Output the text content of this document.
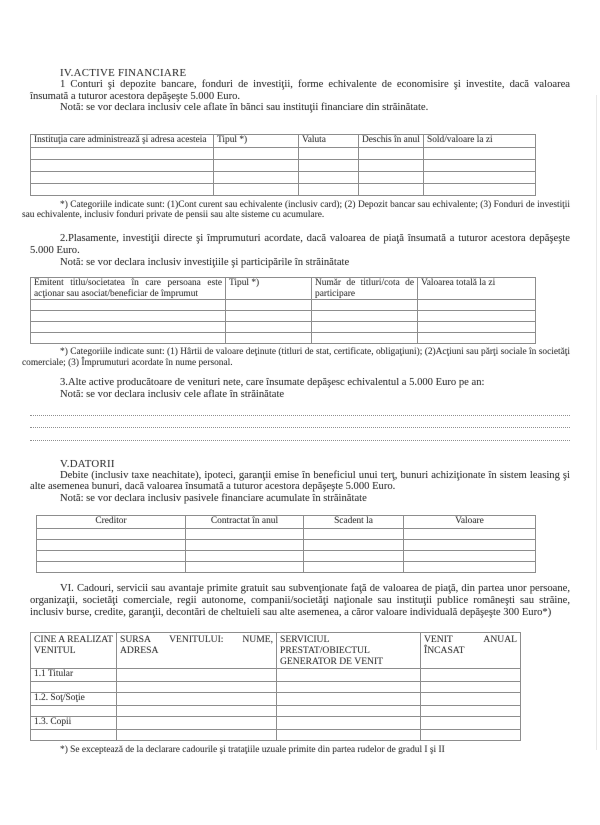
IV.ACTIVE FINANCIARE

1 Conturi şi depozite bancare, fonduri de investiţii, forme echivalente de economisire şi investite, dacă valoarea însumată a tuturor acestora depăşeşte 5.000 Euro.

Notă: se vor declara inclusiv cele aflate în bănci sau instituţii financiare din străinătate.

Instituţia care administrează şi adresa acesteia	Tipul *)	Valuta	Deschis în anul	Sold/valoare la zi

*) Categoriile indicate sunt: (1)Cont curent sau echivalente (inclusiv card); (2) Depozit bancar sau echivalente; (3) Fonduri de investiţii sau echivalente, inclusiv fonduri private de pensii sau alte sisteme cu acumulare.

2.Plasamente, investiţii directe şi împrumuturi acordate, dacă valoarea de piaţă însumată a tuturor acestora depăşeşte 5.000 Euro.

Notă: se vor declara inclusiv investiţiile şi participările în străinătate

Emitent titlu/societatea în care persoana este acţionar sau asociat/beneficiar de împrumut	Tipul *)	Număr de titluri/cota de participare	Valoarea totală la zi

*) Categoriile indicate sunt: (1) Hârtii de valoare deţinute (titluri de stat, certificate, obligaţiuni); (2)Acţiuni sau părţi sociale în societăţi comerciale; (3) Împrumuturi acordate în nume personal.

3.Alte active producătoare de venituri nete, care însumate depăşesc echivalentul a 5.000 Euro pe an:

Notă: se vor declara inclusiv cele aflate în străinătate

V.DATORII

Debite (inclusiv taxe neachitate), ipoteci, garanţii emise în beneficiul unui terţ, bunuri achiziţionate în sistem leasing şi alte asemenea bunuri, dacă valoarea însumată a tuturor acestora depăşeşte 5.000 Euro.

Notă: se vor declara inclusiv pasivele financiare acumulate în străinătate

Creditor	Contractat în anul	Scadent la	Valoare

VI. Cadouri, servicii sau avantaje primite gratuit sau subvenţionate faţă de valoarea de piaţă, din partea unor persoane, organizaţii, societăţi comerciale, regii autonome, companii/societăţi naţionale sau instituţii publice româneşti sau străine, inclusiv burse, credite, garanţii, decontări de cheltuieli sau alte asemenea, a căror valoare individuală depăşeşte 300 Euro*)

CINE A REALIZAT VENITUL	SURSA VENITULUI: NUME, ADRESA	SERVICIUL PRESTAT/OBIECTUL GENERATOR DE VENIT	VENIT ANUAL ÎNCASAT
1.1 Titular			

1.2. Soţ/Soţie			

1.3. Copii			

*) Se exceptează de la declarare cadourile şi trataţiile uzuale primite din partea rudelor de gradul I şi II
